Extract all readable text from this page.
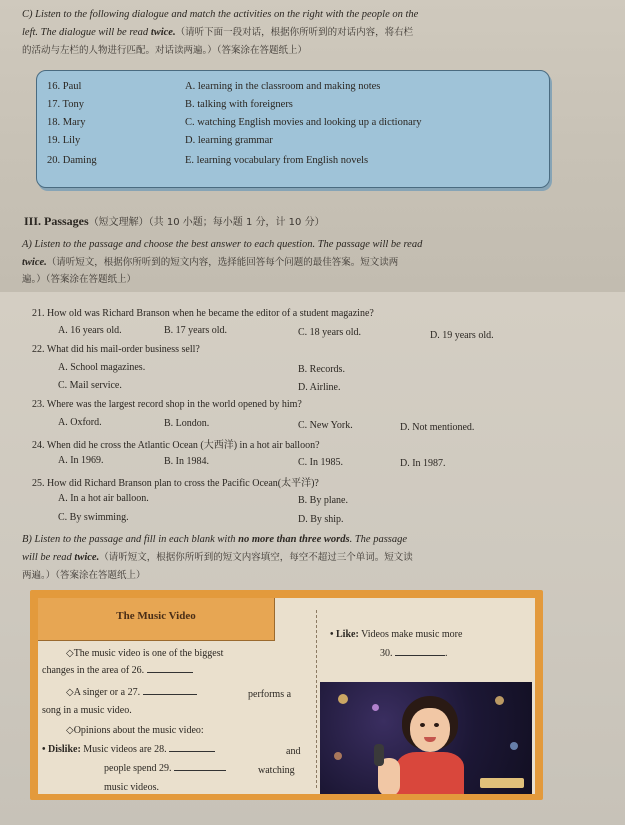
C) Listen to the following dialogue and match the activities on the right with the people on the

left. The dialogue will be read twice.（请听下面一段对话，根据你所听到的对话内容，将右栏

的活动与左栏的人物进行匹配。对话读两遍。）（答案涂在答题纸上）

16. Paul	A. learning in the classroom and making notes
17. Tony	B. talking with foreigners
18. Mary	C. watching English movies and looking up a dictionary
19. Lily	D. learning grammar
20. Daming	E. learning vocabulary from English novels
III. Passages（短文理解）（共 10 小题；每小题 1 分，计 10 分）

A) Listen to the passage and choose the best answer to each question. The passage will be read

twice.（请听短文，根据你所听到的短文内容，选择能回答每个问题的最佳答案。短文读两

遍。）（答案涂在答题纸上）

21. How old was Richard Branson when he became the editor of a student magazine?
A. 16 years old.	B. 17 years old.	C. 18 years old.	D. 19 years old.
22. What did his mail-order business sell?
A. School magazines.	B. Records.
C. Mail service.	D. Airline.
23. Where was the largest record shop in the world opened by him?
A. Oxford.	B. London.	C. New York.	D. Not mentioned.
24. When did he cross the Atlantic Ocean (大西洋) in a hot air balloon?
A. In 1969.	B. In 1984.	C. In 1985.	D. In 1987.
25. How did Richard Branson plan to cross the Pacific Ocean(太平洋)?
A. In a hot air balloon.	B. By plane.
C. By swimming.	D. By ship.

B) Listen to the passage and fill in each blank with no more than three words. The passage

will be read twice.（请听短文，根据你所听到的短文内容填空，每空不超过三个单词。短文读

两遍。）（答案涂在答题纸上）

The Music Video
◇The music video is one of the biggest
changes in the area of 26.
◇A singer or a 27.	performs a
song in a music video.
◇Opinions about the music video:
• Dislike: Music videos are 28.	and
people spend 29.	watching
music videos.
• Like: Videos make music more
30.	.
